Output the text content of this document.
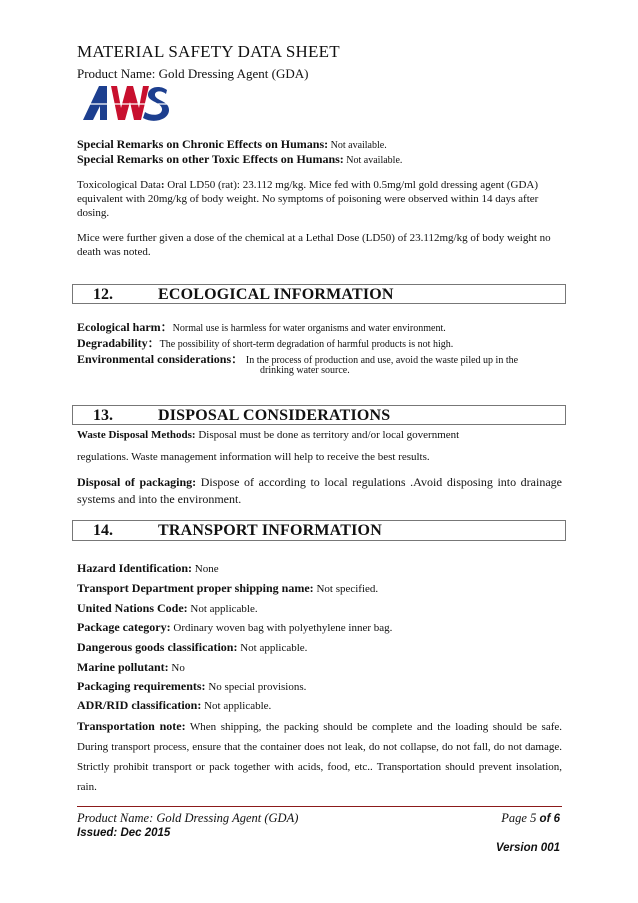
MATERIAL SAFETY DATA SHEET
Product Name: Gold Dressing Agent (GDA)
Special Remarks on Chronic Effects on Humans: Not available.
Special Remarks on other Toxic Effects on Humans: Not available.
Toxicological Data: Oral LD50 (rat): 23.112 mg/kg. Mice fed with 0.5mg/ml gold dressing agent (GDA) equivalent with 20mg/kg of body weight. No symptoms of poisoning were observed within 14 days after dosing.
Mice were further given a dose of the chemical at a Lethal Dose (LD50) of 23.112mg/kg of body weight no death was noted.
12.	ECOLOGICAL INFORMATION
Ecological harm：Normal use is harmless for water organisms and water environment.
Degradability：The possibility of short-term degradation of harmful products is not high.
Environmental considerations： In the process of production and use, avoid the waste piled up in the
drinking water source.
13.	DISPOSAL CONSIDERATIONS
Waste Disposal Methods: Disposal must be done as territory and/or local government
regulations. Waste management information will help to receive the best results.
Disposal of packaging: Dispose of according to local regulations .Avoid disposing into drainage systems and into the environment.
14.	TRANSPORT INFORMATION
Hazard Identification: None
Transport Department proper shipping name: Not specified.
United Nations Code: Not applicable.
Package category: Ordinary woven bag with polyethylene inner bag.
Dangerous goods classification: Not applicable.
Marine pollutant: No
Packaging requirements: No special provisions.
ADR/RID classification: Not applicable.
Transportation note: When shipping, the packing should be complete and the loading should be safe. During transport process, ensure that the container does not leak, do not collapse, do not fall, do not damage. Strictly prohibit transport or pack together with acids, food, etc.. Transportation should prevent insolation, rain.
Product Name: Gold Dressing Agent (GDA)	Page 5 of 6
Issued: Dec 2015
Version 001
